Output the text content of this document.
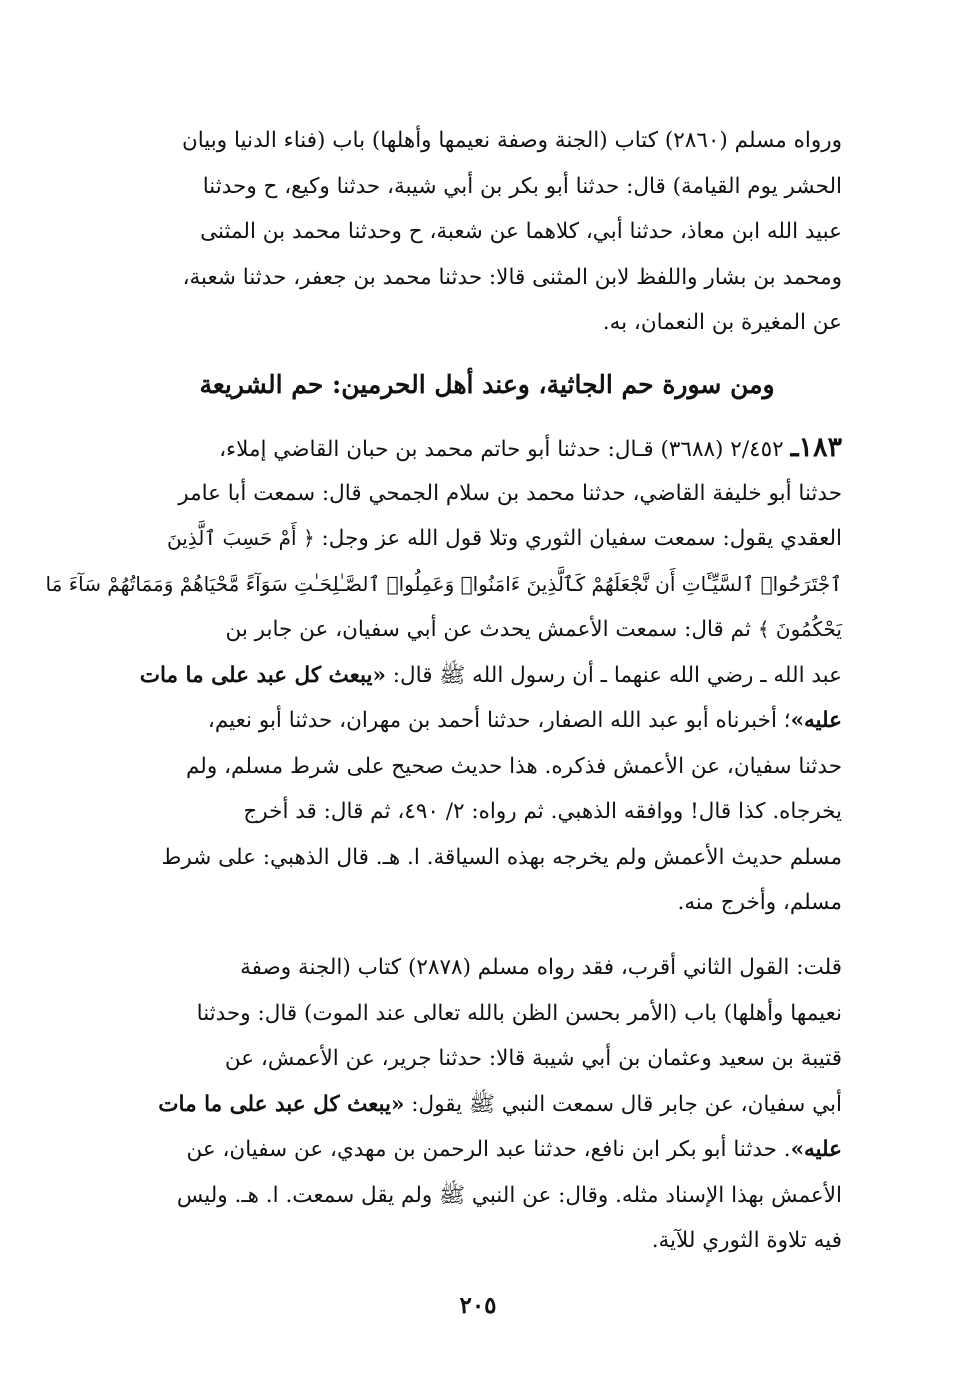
ورواه مسلم (٢٨٦٠) كتاب (الجنة وصفة نعيمها وأهلها) باب (فناء الدنيا وبيان
الحشر يوم القيامة) قال: حدثنا أبو بكر بن أبي شيبة، حدثنا وكيع، ح وحدثنا
عبيد الله ابن معاذ، حدثنا أبي، كلاهما عن شعبة، ح وحدثنا محمد بن المثنى
ومحمد بن بشار واللفظ لابن المثنى قالا: حدثنا محمد بن جعفر، حدثنا شعبة،
عن المغيرة بن النعمان، به.
ومن سورة حم الجاثية، وعند أهل الحرمين: حم الشريعة
١٨٣ـ ٢/٤٥٢ (٣٦٨٨) قـال: حدثنا أبو حاتم محمد بن حبان القاضي إملاء،
حدثنا أبو خليفة القاضي، حدثنا محمد بن سلام الجمحي قال: سمعت أبا عامر
العقدي يقول: سمعت سفيان الثوري وتلا قول الله عز وجل: ﴿ أَمْ حَسِبَ ٱلَّذِينَ
ٱجْتَرَحُوا۟ ٱلسَّيِّـَٔاتِ أَن نَّجْعَلَهُمْ كَٱلَّذِينَ ءَامَنُوا۟ وَعَمِلُوا۟ ٱلصَّـٰلِحَـٰتِ سَوَآءً مَّحْيَاهُمْ وَمَمَاتُهُمْ سَآءَ مَا
يَحْكُمُونَ ﴾ ثم قال: سمعت الأعمش يحدث عن أبي سفيان، عن جابر بن
عبد الله ـ رضي الله عنهما ـ أن رسول الله ﷺ قال: «يبعث كل عبد على ما مات
عليه»؛ أخبرناه أبو عبد الله الصفار، حدثنا أحمد بن مهران، حدثنا أبو نعيم،
حدثنا سفيان، عن الأعمش فذكره. هذا حديث صحيح على شرط مسلم، ولم
يخرجاه. كذا قال! ووافقه الذهبي. ثم رواه: ٢/ ٤٩٠، ثم قال: قد أخرج
مسلم حديث الأعمش ولم يخرجه بهذه السياقة. ا. هـ. قال الذهبي: على شرط
مسلم، وأخرج منه.
قلت: القول الثاني أقرب، فقد رواه مسلم (٢٨٧٨) كتاب (الجنة وصفة
نعيمها وأهلها) باب (الأمر بحسن الظن بالله تعالى عند الموت) قال: وحدثنا
قتيبة بن سعيد وعثمان بن أبي شيبة قالا: حدثنا جرير، عن الأعمش، عن
أبي سفيان، عن جابر قال سمعت النبي ﷺ يقول: «يبعث كل عبد على ما مات
عليه». حدثنا أبو بكر ابن نافع، حدثنا عبد الرحمن بن مهدي، عن سفيان، عن
الأعمش بهذا الإسناد مثله. وقال: عن النبي ﷺ ولم يقل سمعت. ا. هـ. وليس
فيه تلاوة الثوري للآية.
٢٠٥
